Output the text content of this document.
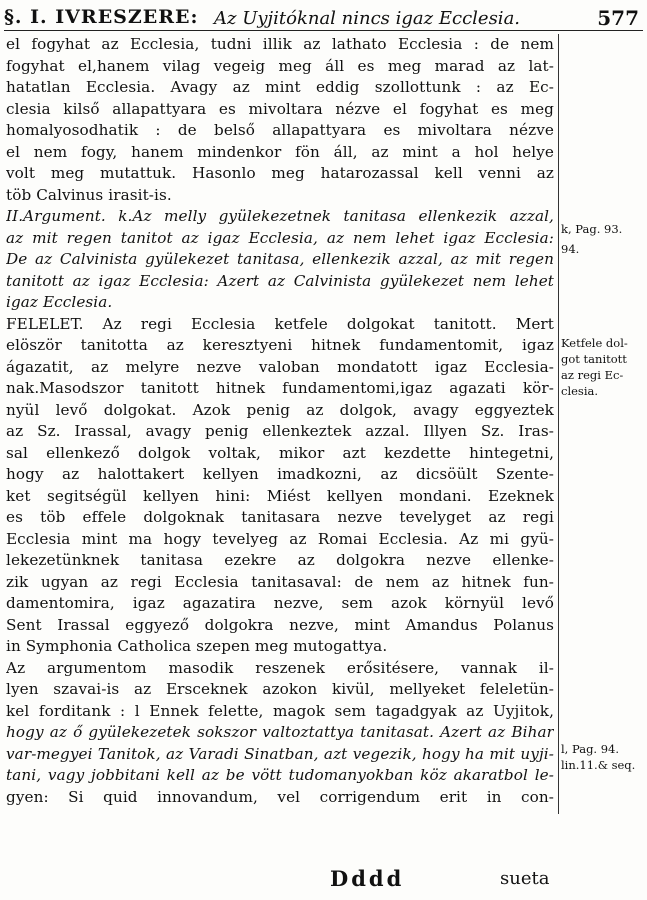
§. I. IVRESZERE: Az Uyjitóknal nincs igaz Ecclesia.	577
el fogyhat az Ecclesia, tudni illik az lathato Ecclesia : de nem
fogyhat el,hanem vilag vegeig meg áll es meg marad az lat-
hatatlan Ecclesia. Avagy az mint eddig szollottunk : az Ec-
clesia kilső allapattyara es mivoltara nézve el fogyhat es meg
homalyosodhatik : de belső allapattyara es mivoltara nézve
el nem fogy, hanem mindenkor fön áll, az mint a hol helye
volt meg mutattuk. Hasonlo meg hatarozassal kell venni az
töb Calvinus irasit-is.
II.Argument. k.Az melly gyülekezetnek tanitasa ellenkezik azzal,
az mit regen tanitot az igaz Ecclesia, az nem lehet igaz Ecclesia:
De az Calvinista gyülekezet tanitasa, ellenkezik azzal, az mit regen
tanitott az igaz Ecclesia: Azert az Calvinista gyülekezet nem lehet
igaz Ecclesia.
FELELET. Az regi Ecclesia ketfele dolgokat tanitott. Mert
elöször tanitotta az keresztyeni hitnek fundamentomit, igaz
ágazatit, az melyre nezve valoban mondatott igaz Ecclesia-
nak.Masodszor tanitott hitnek fundamentomi,igaz agazati kör-
nyül levő dolgokat. Azok penig az dolgok, avagy eggyeztek
az Sz. Irassal, avagy penig ellenkeztek azzal. Illyen Sz. Iras-
sal ellenkező dolgok voltak, mikor azt kezdette hintegetni,
hogy az halottakert kellyen imadkozni, az dicsöült Szente-
ket segitségül kellyen hini: Miést kellyen mondani. Ezeknek
es töb effele dolgoknak tanitasara nezve tevelyget az regi
Ecclesia mint ma hogy tevelyeg az Romai Ecclesia. Az mi gyü-
lekezetünknek tanitasa ezekre az dolgokra nezve ellenke-
zik ugyan az regi Ecclesia tanitasaval: de nem az hitnek fun-
damentomira, igaz agazatira nezve, sem azok környül levő
Sent Irassal eggyező dolgokra nezve, mint Amandus Polanus
in Symphonia Catholica szepen meg mutogattya.
Az argumentom masodik reszenek erősitésere, vannak il-
lyen szavai-is az Ersceknek azokon kivül, mellyeket feleletün-
kel forditank : l Ennek felette, magok sem tagadgyak az Uyjitok,
hogy az ő gyülekezetek sokszor valtoztattya tanitasat. Azert az Bihar
var-megyei Tanitok, az Varadi Sinatban, azt vegezik, hogy ha mit uyji-
tani, vagy jobbitani kell az be vött tudomanyokban köz akaratbol le-
gyen: Si quid innovandum, vel corrigendum erit in con-
k, Pag. 93.
94.
Ketfele dol-
got tanitott
az regi Ec-
clesia.
l, Pag. 94.
lin.11.& seq.
Dddd	sueta
